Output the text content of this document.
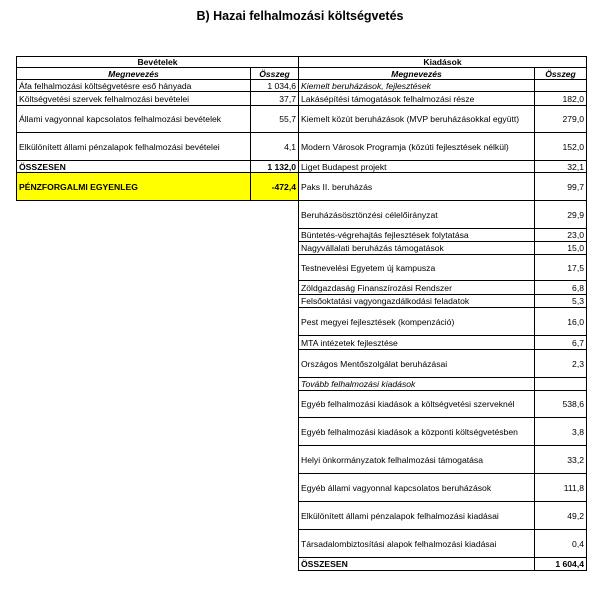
B) Hazai felhalmozási költségvetés
Bevételek	
Megnevezés	Összeg
Áfa felhalmozási költségvetésre eső hányada	1 034,6
Költségvetési szervek felhalmozási bevételei	37,7
Állami vagyonnal kapcsolatos felhalmozási bevételek	55,7
Elkülönített állami pénzalapok felhalmozási bevételei	4,1
ÖSSZESEN	1 132,0
PÉNZFORGALMI EGYENLEG	-472,4
Kiadások	
Megnevezés	Összeg
Kiemelt beruházások, fejlesztések	
Lakásépítési támogatások felhalmozási része	182,0
Kiemelt közút beruházások (MVP beruházásokkal együtt)	279,0
Modern Városok Programja (közúti fejlesztések nélkül)	152,0
Liget Budapest projekt	32,1
Paks II. beruházás	99,7
Beruházásösztönzési célelőirányzat	29,9
Büntetés-végrehajtás fejlesztések folytatása	23,0
Nagyvállalati beruházás támogatások	15,0
Testnevelési Egyetem új kampusza	17,5
Zöldgazdaság Finanszírozási Rendszer	6,8
Felsőoktatási vagyongazdálkodási feladatok	5,3
Pest megyei fejlesztések (kompenzáció)	16,0
MTA intézetek fejlesztése	6,7
Országos Mentőszolgálat beruházásai	2,3
Tovább felhalmozási kiadások	
Egyéb felhalmozási kiadások a költségvetési szerveknél	538,6
Egyéb felhalmozási kiadások a központi költségvetésben	3,8
Helyi önkormányzatok felhalmozási támogatása	33,2
Egyéb állami vagyonnal kapcsolatos beruházások	111,8
Elkülönített állami pénzalapok felhalmozási kiadásai	49,2
Társadalombiztosítási alapok felhalmozási kiadásai	0,4
ÖSSZESEN	1 604,4
